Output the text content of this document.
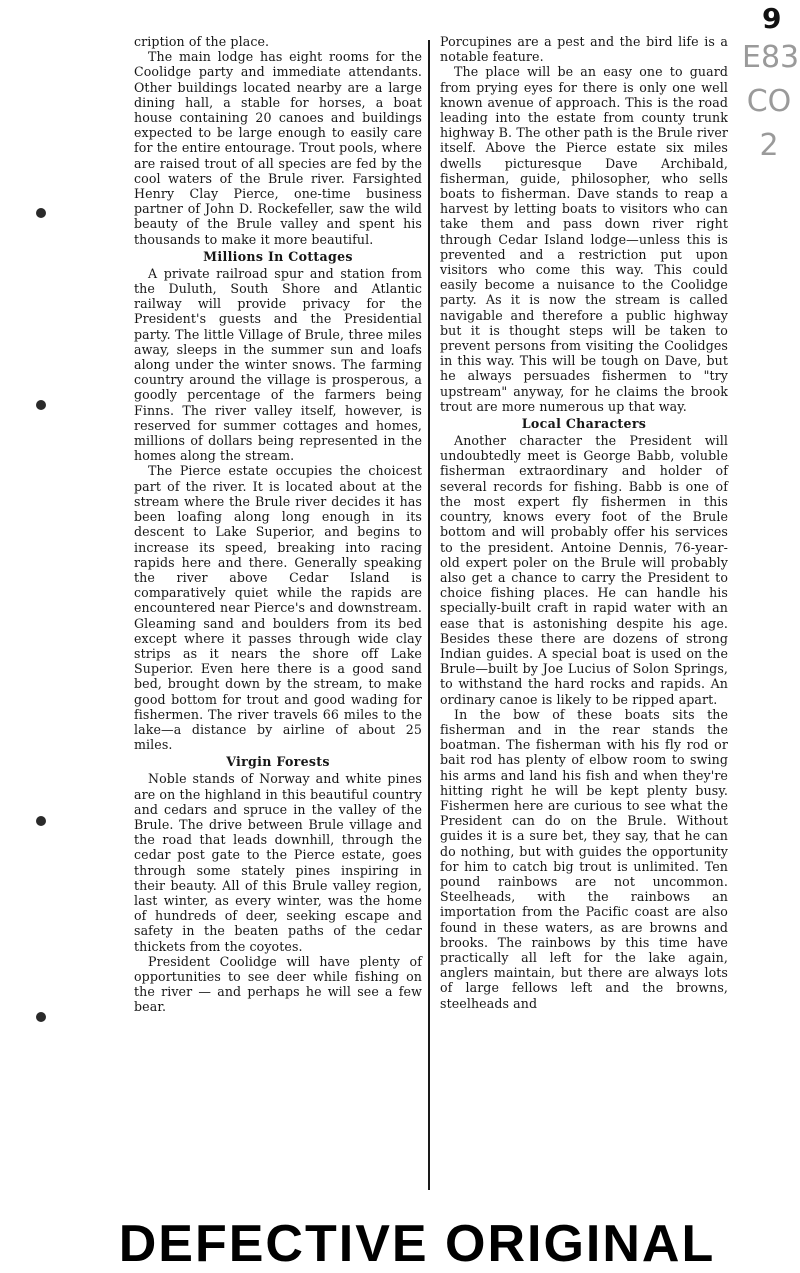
9
E83
CO
2

cription of the place.

The main lodge has eight rooms for the Coolidge party and immediate attendants. Other buildings located nearby are a large dining hall, a stable for horses, a boat house containing 20 canoes and buildings expected to be large enough to easily care for the entire entourage. Trout pools, where are raised trout of all species are fed by the cool waters of the Brule river. Farsighted Henry Clay Pierce, one-time business partner of John D. Rockefeller, saw the wild beauty of the Brule valley and spent his thousands to make it more beautiful.

Millions In Cottages

A private railroad spur and station from the Duluth, South Shore and Atlantic railway will provide privacy for the President's guests and the Presidential party. The little Village of Brule, three miles away, sleeps in the summer sun and loafs along under the winter snows. The farming country around the village is prosperous, a goodly percentage of the farmers being Finns. The river valley itself, however, is reserved for summer cottages and homes, millions of dollars being represented in the homes along the stream.

The Pierce estate occupies the choicest part of the river. It is located about at the stream where the Brule river decides it has been loafing along long enough in its descent to Lake Superior, and begins to increase its speed, breaking into racing rapids here and there. Generally speaking the river above Cedar Island is comparatively quiet while the rapids are encountered near Pierce's and downstream. Gleaming sand and boulders from its bed except where it passes through wide clay strips as it nears the shore off Lake Superior. Even here there is a good sand bed, brought down by the stream, to make good bottom for trout and good wading for fishermen. The river travels 66 miles to the lake—a distance by airline of about 25 miles.

Virgin Forests

Noble stands of Norway and white pines are on the highland in this beautiful country and cedars and spruce in the valley of the Brule. The drive between Brule village and the road that leads downhill, through the cedar post gate to the Pierce estate, goes through some stately pines inspiring in their beauty. All of this Brule valley region, last winter, as every winter, was the home of hundreds of deer, seeking escape and safety in the beaten paths of the cedar thickets from the coyotes.

President Coolidge will have plenty of opportunities to see deer while fishing on the river — and perhaps he will see a few bear.

Porcupines are a pest and the bird life is a notable feature.

The place will be an easy one to guard from prying eyes for there is only one well known avenue of approach. This is the road leading into the estate from county trunk highway B. The other path is the Brule river itself. Above the Pierce estate six miles dwells picturesque Dave Archibald, fisherman, guide, philosopher, who sells boats to fisherman. Dave stands to reap a harvest by letting boats to visitors who can take them and pass down river right through Cedar Island lodge—unless this is prevented and a restriction put upon visitors who come this way. This could easily become a nuisance to the Coolidge party. As it is now the stream is called navigable and therefore a public highway but it is thought steps will be taken to prevent persons from visiting the Coolidges in this way. This will be tough on Dave, but he always persuades fishermen to "try upstream" anyway, for he claims the brook trout are more numerous up that way.

Local Characters

Another character the President will undoubtedly meet is George Babb, voluble fisherman extraordinary and holder of several records for fishing. Babb is one of the most expert fly fishermen in this country, knows every foot of the Brule bottom and will probably offer his services to the president. Antoine Dennis, 76-year-old expert poler on the Brule will probably also get a chance to carry the President to choice fishing places. He can handle his specially-built craft in rapid water with an ease that is astonishing despite his age. Besides these there are dozens of strong Indian guides. A special boat is used on the Brule—built by Joe Lucius of Solon Springs, to withstand the hard rocks and rapids. An ordinary canoe is likely to be ripped apart.

In the bow of these boats sits the fisherman and in the rear stands the boatman. The fisherman with his fly rod or bait rod has plenty of elbow room to swing his arms and land his fish and when they're hitting right he will be kept plenty busy. Fishermen here are curious to see what the President can do on the Brule. Without guides it is a sure bet, they say, that he can do nothing, but with guides the opportunity for him to catch big trout is unlimited. Ten pound rainbows are not uncommon. Steelheads, with the rainbows an importation from the Pacific coast are also found in these waters, as are browns and brooks. The rainbows by this time have practically all left for the lake again, anglers maintain, but there are always lots of large fellows left and the browns, steelheads and

DEFECTIVE ORIGINAL
